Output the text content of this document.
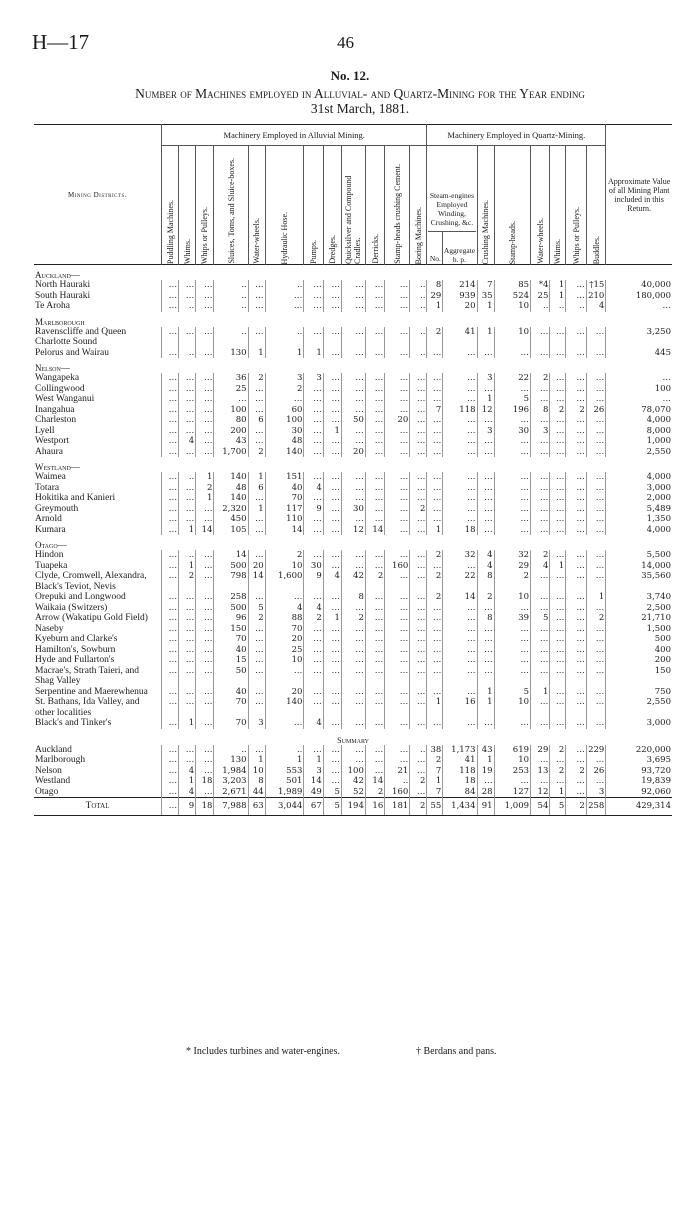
H—17	46
No. 12.
Number of Machines employed in Alluvial- and Quartz-Mining for the Year ending
31st March, 1881.
Mining Districts.	Machinery Employed in Alluvial Mining.												Machinery Employed in Quartz-Mining.								Approximate Value of all Mining Plant included in this Return.

	Puddling Machines.	Whims.	Whips or Pulleys.	Sluices, Toms, and Sluice-boxes.	Water-wheels.	Hydraulic Hose.	Pumps.	Dredges.	Quicksilver and Compound Cradles.	Derricks.	Stamp-heads crushing Cement.	Boring Machines.	Steam-engines Employed Winding, Crushing, &c.
No.
Aggregate h. p.		Crushing Machines.	Stamp-heads.	Water-wheels.	Whims.	Whips or Pulleys.	Buddles.	

Auckland—																					
North Hauraki	…	…	…	..	…	..	…	…	…	…	…	..	8	214	7	85	*4	1	…	†15	40,000
South Hauraki	…	…	…	..	…	…	…	…	…	…	…	..	29	939	35	524	25	1	…	210	180,000
Te Aroha	…	..	…	..	…	…	…	…	…	…	…	..	1	20	1	10	..	..	..	4	…
Marlborough																					
Ravenscliffe and Queen Charlotte Sound	…	…	…	..	…	..	…	…	…	…	…	..	2	41	1	10	…	…	…	…	3,250
Pelorus and Wairau	…	..	…	130	1	1	1	…	…	…	…	..	…	…	…	…	…	…	…	…	445
Nelson—																					
Wangapeka	…	…	…	36	2	3	3	…	…	…	…	…	…	…	3	22	2	…	…	…	…
Collingwood	…	…	…	25	…	2	…	…	…	…	…	…	…	…	…	…	…	…	…	…	100
West Wanganui	…	…	…	…	…	…	…	…	…	…	…	…	…	…	1	5	…	…	…	…	…
Inangahua	…	…	…	100	…	60	…	…	…	…	…	…	7	118	12	196	8	2	2	26	78,070
Charleston	…	…	…	80	6	100	…	…	50	…	20	…	…	…	…	…	…	…	…	…	4,000
Lyell	…	…	…	200	…	30	…	1	…	…	…	…	…	…	3	30	3	…	…	…	8,000
Westport	…	4	…	43	…	48	…	…	…	…	…	…	…	…	…	…	…	…	…	…	1,000
Ahaura	…	…	…	1,700	2	140	…	…	20	…	…	…	…	…	…	…	…	…	…	…	2,550
Westland—																					
Waimea	…	..	1	140	1	151	…	…	…	…	…	…	…	…	…	…	…	…	…	…	4,000
Totara	…	…	2	48	6	40	4	…	…	…	…	…	…	…	…	…	…	…	…	…	3,000
Hokitika and Kanieri	…	…	1	140	…	70	…	…	…	…	…	…	…	…	…	…	…	…	…	…	2,000
Greymouth	…	…	…	2,320	1	117	9	…	30	…	…	2	…	…	…	…	…	…	…	…	5,489
Arnold	…	…	…	450	…	110	…	…	…	…	…	…	…	…	…	…	…	…	…	…	1,350
Kumara	…	1	14	105	…	14	…	…	12	14	…	…	1	18	…	…	…	…	…	…	4,000
Otago—																					
Hindon	…	..	…	14	…	2	…	…	…	…	…	…	2	32	4	32	2	…	…	…	5,500
Tuapeka	…	1	…	500	20	10	30	…	…	…	160	…	…	…	4	29	4	1	…	…	14,000
Clyde, Cromwell, Alexandra, Black's Teviot, Nevis	…	2	…	798	14	1,600	9	4	42	2	…	…	2	22	8	2	…	…	…	…	35,560
Orepuki and Longwood	…	…	…	258	…	…	…	…	8	…	…	…	2	14	2	10	…	…	…	1	3,740
Waikaia (Switzers)	…	…	…	500	5	4	4	…	…	…	…	…	…	…	…	…	…	…	…	…	2,500
Arrow (Wakatipu Gold Field)	…	…	…	96	2	88	2	1	2	…	…	…	…	…	8	39	5	…	…	2	21,710
Naseby	…	…	…	150	…	70	…	…	…	…	…	…	…	…	…	…	…	…	…	…	1,500
Kyeburn and Clarke's	…	…	…	70	…	20	…	…	…	…	…	…	…	…	…	…	…	…	…	…	500
Hamilton's, Sowburn	…	…	…	40	…	25	…	…	…	…	…	…	…	…	…	…	…	…	…	…	400
Hyde and Fullarton's	…	…	…	15	…	10	…	…	…	…	…	…	…	…	…	…	…	…	…	…	200
Macrae's, Strath Taieri, and Shag Valley	…	…	…	50	…	…	…	…	…	…	…	…	…	…	…	…	…	…	…	…	150
Serpentine and Maerewhenua	…	…	…	40	…	20	…	…	…	…	…	…	…	…	1	5	1	…	…	…	750
St. Bathans, Ida Valley, and other localities	…	…	…	70	…	140	…	…	…	…	…	…	1	16	1	10	…	…	…	…	2,550
Black's and Tinker's	…	1	…	70	3	…	4	…	…	…	…	…	…	…	…	…	…	…	…	…	3,000
Summary																					
Auckland	…	…	…	..	…	..	…	…	…	…	…	..	38	1,173	43	619	29	2	…	229	220,000
Marlborough	…	…	…	130	1	1	1	…	…	…	…	…	2	41	1	10	…	…	…	…	3,695
Nelson	…	4	…	1,984	10	553	3	…	100	…	21	…	7	118	19	253	13	2	2	26	93,720
Westland	…	1	18	3,203	8	501	14	…	42	14	..	2	1	18	…	…	…	…	…	…	19,839
Otago	…	4	…	2,671	44	1,989	49	5	52	2	160	…	7	84	28	127	12	1	…	3	92,060
Total	…	9	18	7,988	63	3,044	67	5	194	16	181	2	55	1,434	91	1,009	54	5	2	258	429,314
* Includes turbines and water-engines.	† Berdans and pans.
